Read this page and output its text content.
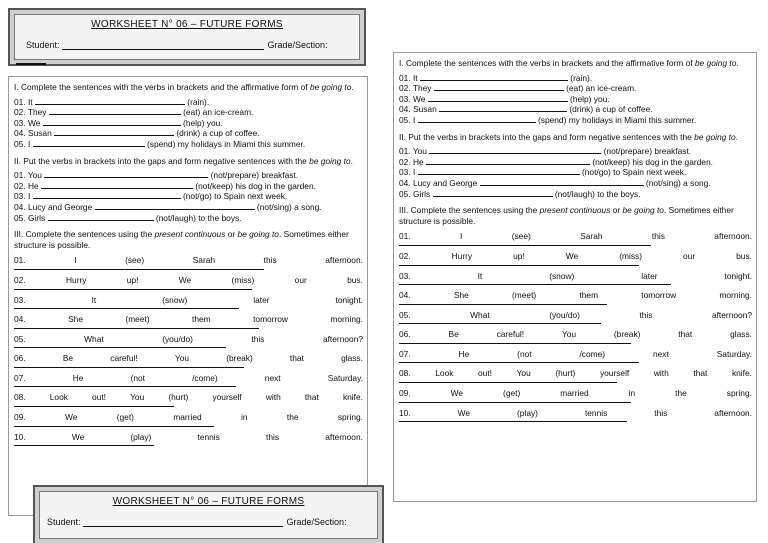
WORKSHEET N° 06 – FUTURE FORMS
Student:	Grade/Section:
I. Complete the sentences with the verbs in brackets and the affirmative form of be going to.
01. It	(rain).
02. They	(eat) an ice-cream.
03. We	(help) you.
04. Susan	(drink) a cup of coffee.
05. I	(spend) my holidays in Miami this summer.
II. Put the verbs in brackets into the gaps and form negative sentences with the be going to.
01. You	(not/prepare) breakfast.
02. He	(not/keep) his dog in the garden.
03. I	(not/go) to Spain next week.
04. Lucy and George	(not/sing) a song.
05. Girls	(not/laugh) to the boys.
III. Complete the sentences using the present continuous or be going to. Sometimes either structure is possible.
01.	I	(see)	Sarah	this	afternoon.
02.	Hurry	up!	We	(miss)	our	bus.
03.	It	(snow)	later	tonight.
04.	She	(meet)	them	tomorrow	morning.
05.	What	(you/do)	this	afternoon?
06.	Be	careful!	You	(break)	that	glass.
07.	He	(not	/come)	next	Saturday.
08.	Look	out!	You	(hurt)	yourself	with	that	knife.
09.	We	(get)	married	in	the	spring.
10.	We	(play)	tennis	this	afternoon.
I. Complete the sentences with the verbs in brackets and the affirmative form of be going to.
01. It	(rain).
02. They	(eat) an ice-cream.
03. We	(help) you.
04. Susan	(drink) a cup of coffee.
05. I	(spend) my holidays in Miami this summer.
II. Put the verbs in brackets into the gaps and form negative sentences with the be going to.
01. You	(not/prepare) breakfast.
02. He	(not/keep) his dog in the garden.
03. I	(not/go) to Spain next week.
04. Lucy and George	(not/sing) a song.
05. Girls	(not/laugh) to the boys.
III. Complete the sentences using the present continuous or be going to. Sometimes either structure is possible.
01.	I	(see)	Sarah	this	afternoon.
02.	Hurry	up!	We	(miss)	our	bus.
03.	It	(snow)	later	tonight.
04.	She	(meet)	them	tomorrow	morning.
05.	What	(you/do)	this	afternoon?
06.	Be	careful!	You	(break)	that	glass.
07.	He	(not	/come)	next	Saturday.
08.	Look	out!	You	(hurt)	yourself	with	that	knife.
09.	We	(get)	married	in	the	spring.
10.	We	(play)	tennis	this	afternoon.
WORKSHEET N° 06 – FUTURE FORMS
Student:	Grade/Section:
